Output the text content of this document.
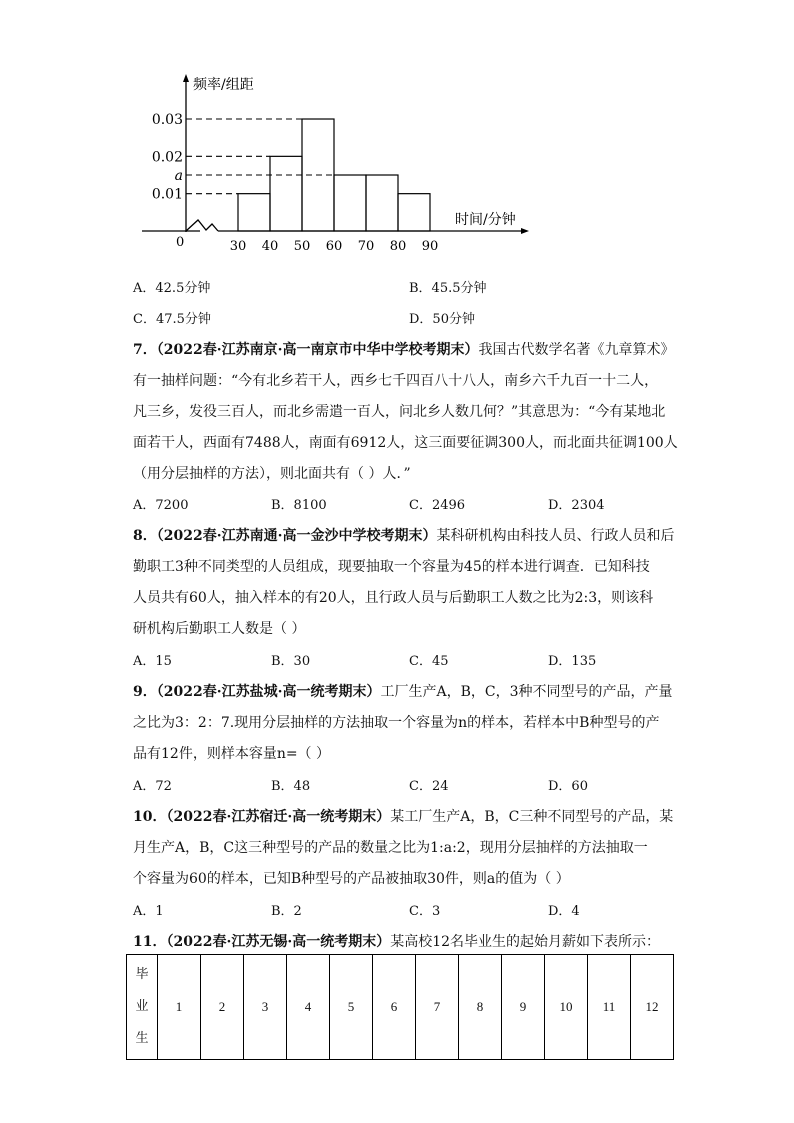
频率/组距
时间/分钟
0
0.03
0.02
a
0.01
30 40 50 60 70 80 90
A．42.5分钟	B．45.5分钟
C．47.5分钟	D．50分钟
7．（2022春·江苏南京·高一南京市中华中学校考期末）我国古代数学名著《九章算术》
有一抽样问题：“今有北乡若干人，西乡七千四百八十八人，南乡六千九百一十二人，
凡三乡，发役三百人，而北乡需遣一百人，问北乡人数几何？”其意思为：“今有某地北
面若干人，西面有7488人，南面有6912人，这三面要征调300人，而北面共征调100人
（用分层抽样的方法），则北面共有（ ）人．”
A．7200	B．8100	C．2496	D．2304
8．（2022春·江苏南通·高一金沙中学校考期末）某科研机构由科技人员、行政人员和后
勤职工3种不同类型的人员组成，现要抽取一个容量为45的样本进行调查．已知科技
人员共有60人，抽入样本的有20人，且行政人员与后勤职工人数之比为2:3，则该科
研机构后勤职工人数是（ ）
A．15	B．30	C．45	D．135
9．（2022春·江苏盐城·高一统考期末）工厂生产A，B，C，3种不同型号的产品，产量
之比为3：2：7.现用分层抽样的方法抽取一个容量为n的样本，若样本中B种型号的产
品有12件，则样本容量n=（ ）
A．72	B．48	C．24	D．60
10．（2022春·江苏宿迁·高一统考期末）某工厂生产A，B，C三种不同型号的产品，某
月生产A，B，C这三种型号的产品的数量之比为1:a:2，现用分层抽样的方法抽取一
个容量为60的样本，已知B种型号的产品被抽取30件，则a的值为（ ）
A．1	B．2	C．3	D．4
11．（2022春·江苏无锡·高一统考期末）某高校12名毕业生的起始月薪如下表所示：
毕
业
生
	1	2	3	4	5	6	7	8	9	10	11	12
